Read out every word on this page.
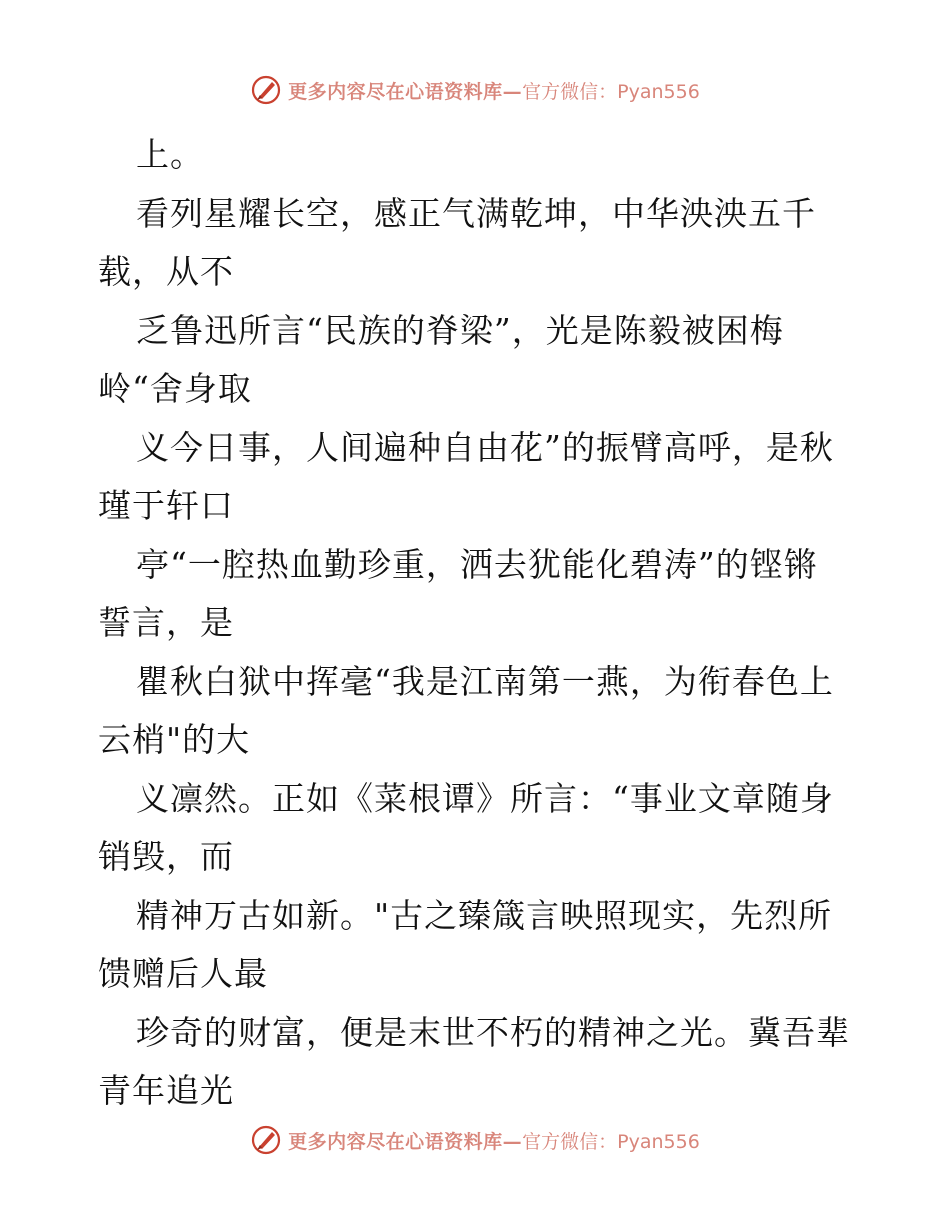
更多内容尽在心语资料库— 官方微信：Pyan556
上。
看列星耀长空，感正气满乾坤，中华泱泱五千
载，从不
乏鲁迅所言“民族的脊梁”，光是陈毅被困梅
岭“舍身取
义今日事，人间遍种自由花”的振臂高呼，是秋
瑾于轩口
亭“一腔热血勤珍重，洒去犹能化碧涛”的铿锵
誓言，是
瞿秋白狱中挥毫“我是江南第一燕，为衔春色上
云梢"的大
义凛然。正如《菜根谭》所言：“事业文章随身
销毁，而
精神万古如新。"古之臻箴言映照现实，先烈所
馈赠后人最
珍奇的财富，便是末世不朽的精神之光。冀吾辈
青年追光
更多内容尽在心语资料库— 官方微信：Pyan556
